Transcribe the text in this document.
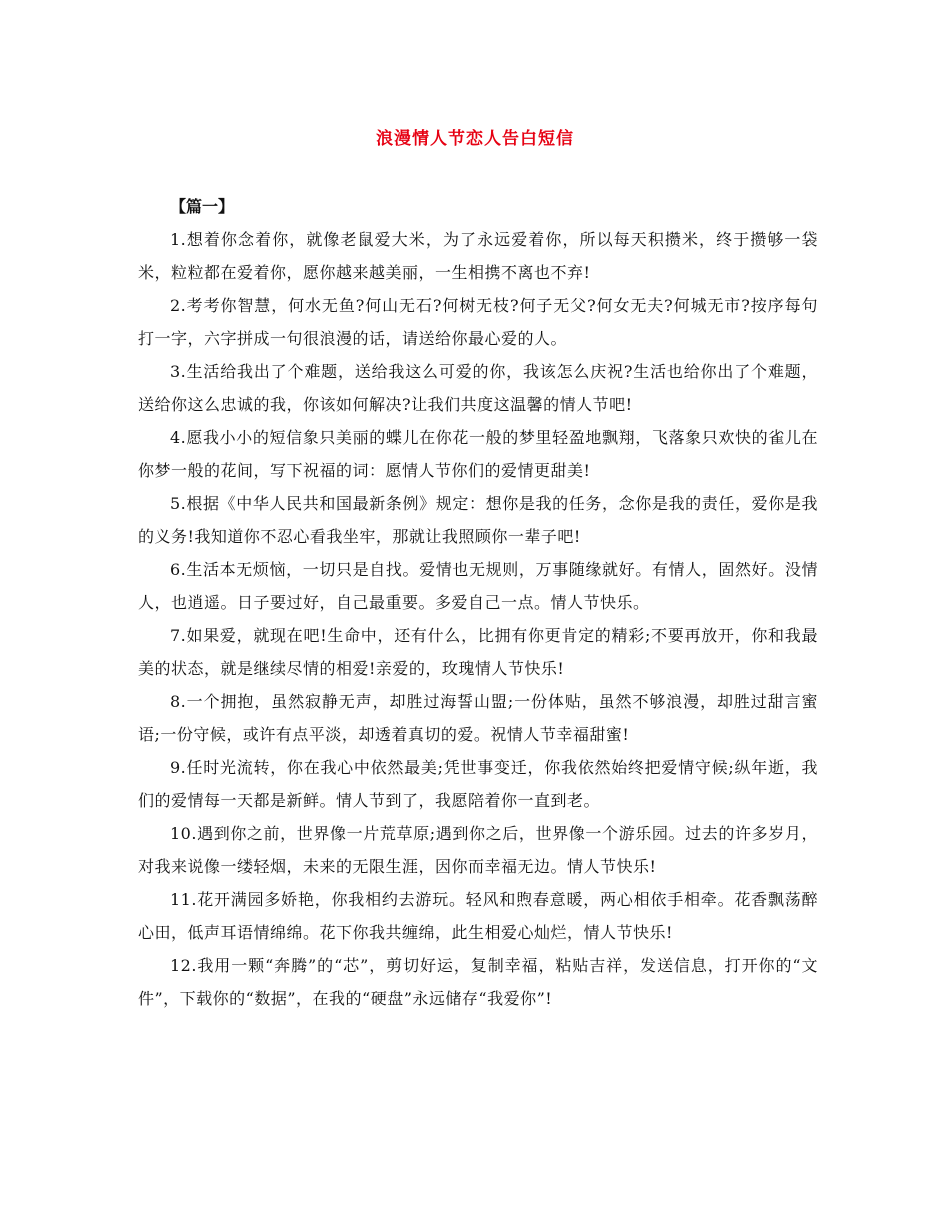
浪漫情人节恋人告白短信

【篇一】

1.想着你念着你，就像老鼠爱大米，为了永远爱着你，所以每天积攒米，终于攒够一袋米，粒粒都在爱着你，愿你越来越美丽，一生相携不离也不弃!

2.考考你智慧，何水无鱼?何山无石?何树无枝?何子无父?何女无夫?何城无市?按序每句打一字，六字拼成一句很浪漫的话，请送给你最心爱的人。

3.生活给我出了个难题，送给我这么可爱的你，我该怎么庆祝?生活也给你出了个难题，送给你这么忠诚的我，你该如何解决?让我们共度这温馨的情人节吧!

4.愿我小小的短信象只美丽的蝶儿在你花一般的梦里轻盈地飘翔，飞落象只欢快的雀儿在你梦一般的花间，写下祝福的词：愿情人节你们的爱情更甜美!

5.根据《中华人民共和国最新条例》规定：想你是我的任务，念你是我的责任，爱你是我的义务!我知道你不忍心看我坐牢，那就让我照顾你一辈子吧!

6.生活本无烦恼，一切只是自找。爱情也无规则，万事随缘就好。有情人，固然好。没情人，也逍遥。日子要过好，自己最重要。多爱自己一点。情人节快乐。

7.如果爱，就现在吧!生命中，还有什么，比拥有你更肯定的精彩;不要再放开，你和我最美的状态，就是继续尽情的相爱!亲爱的，玫瑰情人节快乐!

8.一个拥抱，虽然寂静无声，却胜过海誓山盟;一份体贴，虽然不够浪漫，却胜过甜言蜜语;一份守候，或许有点平淡，却透着真切的爱。祝情人节幸福甜蜜!

9.任时光流转，你在我心中依然最美;凭世事变迁，你我依然始终把爱情守候;纵年逝，我们的爱情每一天都是新鲜。情人节到了，我愿陪着你一直到老。

10.遇到你之前，世界像一片荒草原;遇到你之后，世界像一个游乐园。过去的许多岁月，对我来说像一缕轻烟，未来的无限生涯，因你而幸福无边。情人节快乐!

11.花开满园多娇艳，你我相约去游玩。轻风和煦春意暖，两心相依手相牵。花香飘荡醉心田，低声耳语情绵绵。花下你我共缠绵，此生相爱心灿烂，情人节快乐!

12.我用一颗“奔腾”的“芯”，剪切好运，复制幸福，粘贴吉祥，发送信息，打开你的“文件”，下载你的“数据”，在我的“硬盘”永远储存“我爱你”!
